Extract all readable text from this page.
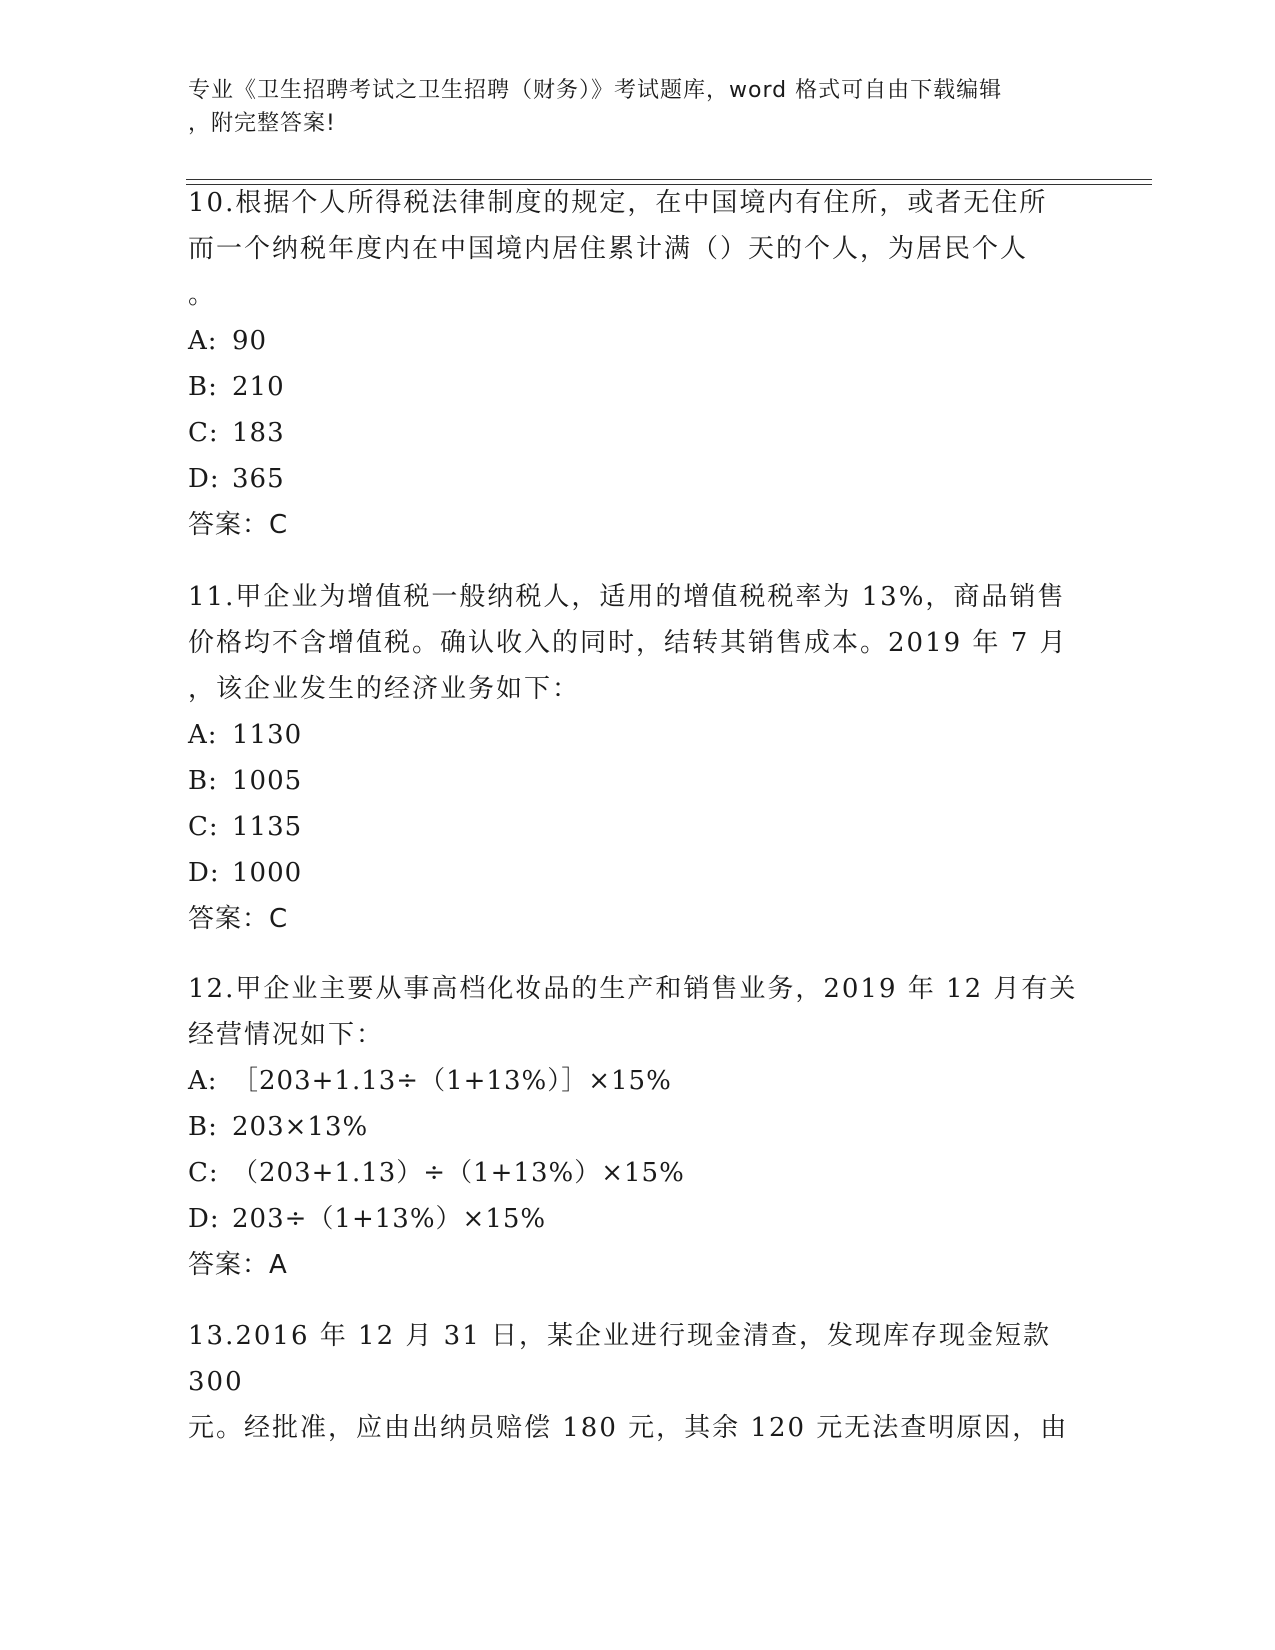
专业《卫生招聘考试之卫生招聘（财务）》考试题库，word 格式可自由下载编辑
，附完整答案!

10.根据个人所得税法律制度的规定，在中国境内有住所，或者无住所

而一个纳税年度内在中国境内居住累计满（）天的个人，为居民个人

。

A: 90

B: 210

C: 183

D: 365

答案：C

11.甲企业为增值税一般纳税人，适用的增值税税率为 13%，商品销售

价格均不含增值税。确认收入的同时，结转其销售成本。2019 年 7 月

，该企业发生的经济业务如下：

A: 1130

B: 1005

C: 1135

D: 1000

答案：C

12.甲企业主要从事高档化妆品的生产和销售业务，2019 年 12 月有关

经营情况如下：

A: ［203+1.13÷（1+13%）］×15%

B: 203×13%

C: （203+1.13）÷（1+13%）×15%

D: 203÷（1+13%）×15%

答案：A

13.2016 年 12 月 31 日，某企业进行现金清查，发现库存现金短款 300

元。经批准，应由出纳员赔偿 180 元，其余 120 元无法查明原因，由
